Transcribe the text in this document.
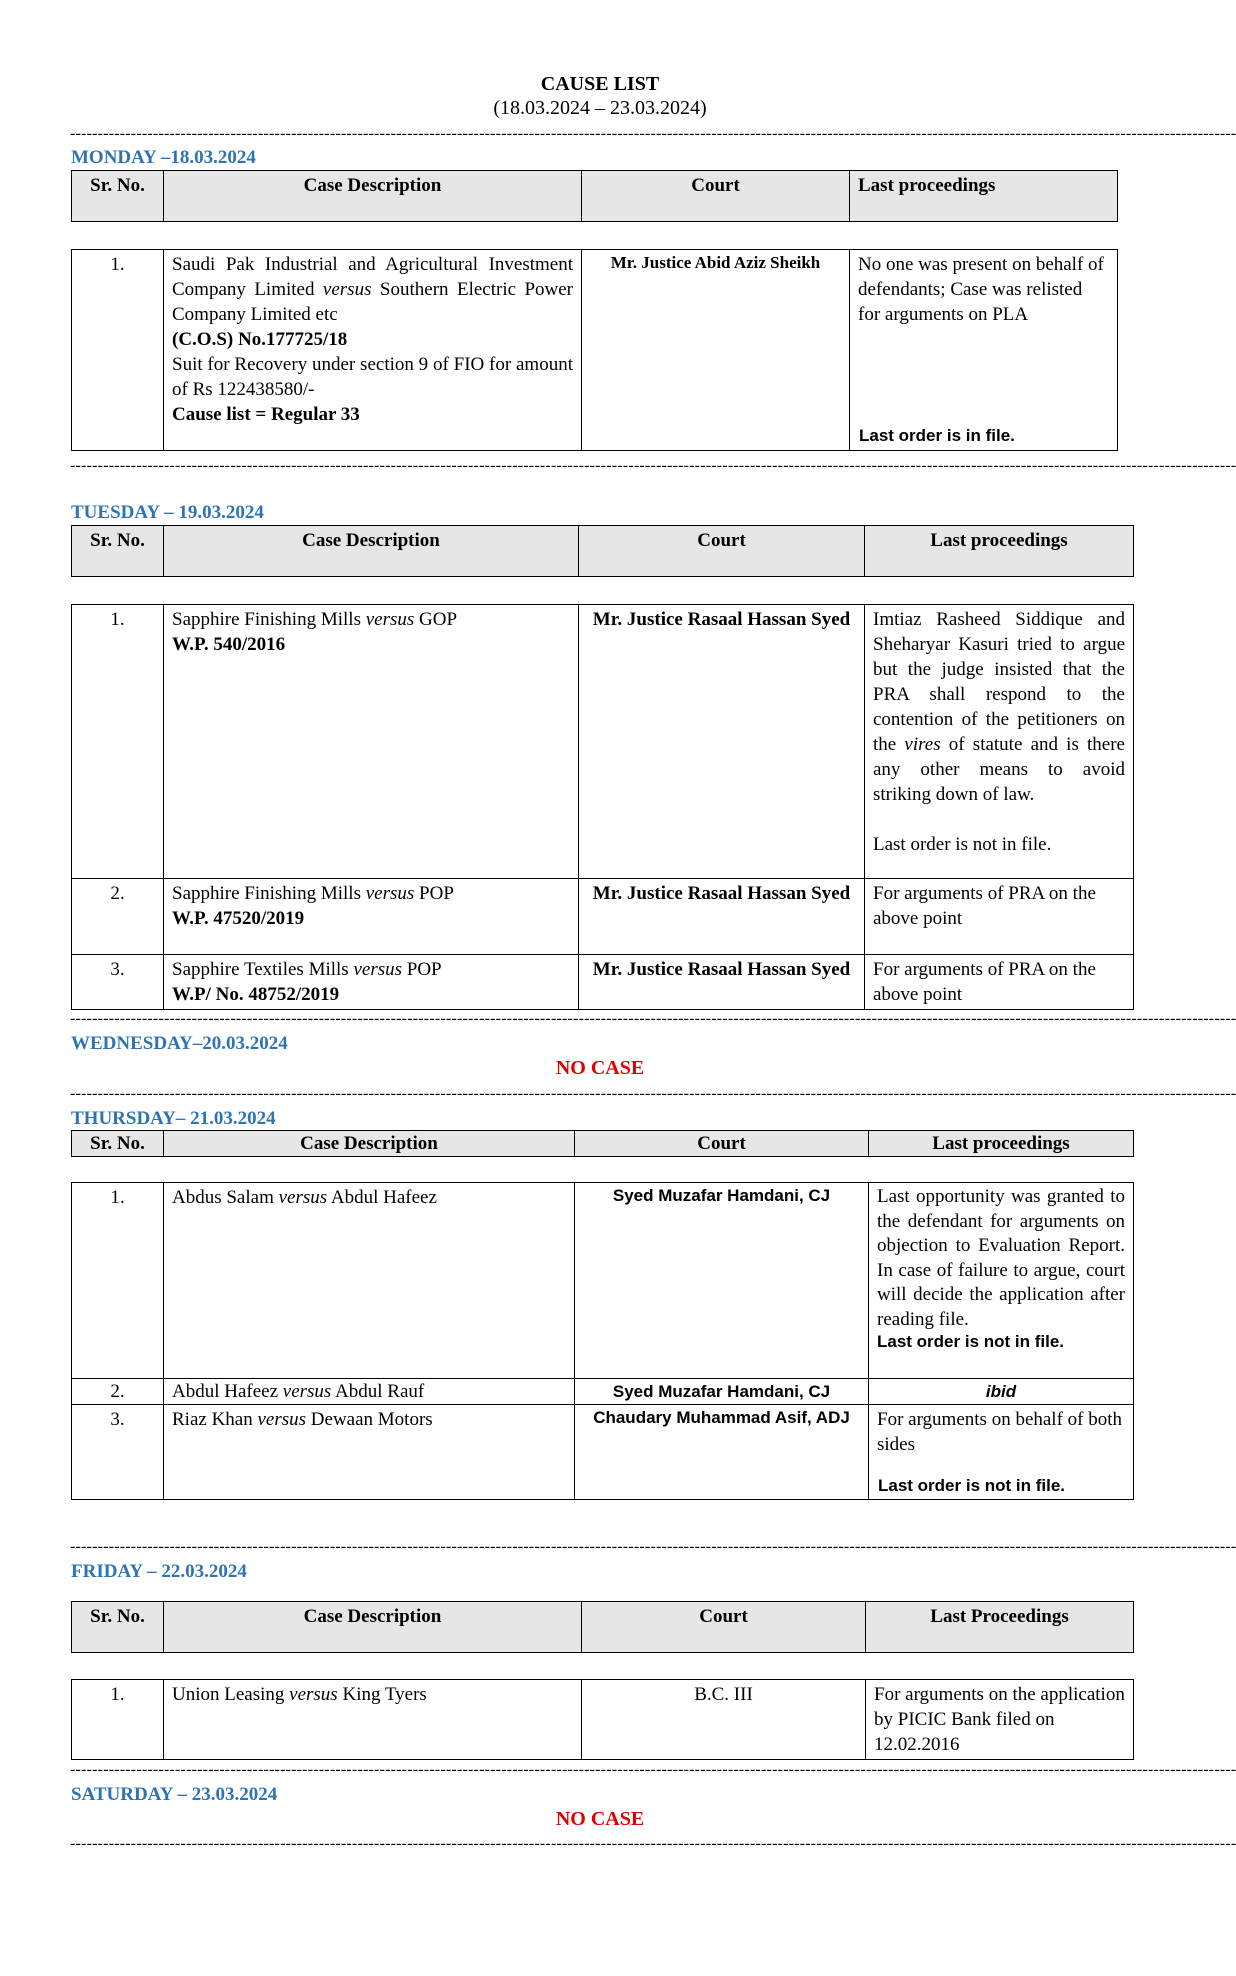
CAUSE LIST
(18.03.2024 – 23.03.2024)
-------------------------------------------------------------------------------------------------------------------------------------------------------------------------------------------------------------------
MONDAY –18.03.2024
Sr. No.	Case Description	Court	Last proceedings
1.	Saudi Pak Industrial and Agricultural Investment Company Limited versus Southern Electric Power Company Limited etc
(C.O.S) No.177725/18
Suit for Recovery under section 9 of FIO for amount of Rs 122438580/-
Cause list = Regular 33	Mr. Justice Abid Aziz Sheikh	No one was present on behalf of defendants; Case was relisted for arguments on PLA
Last order is in file.
-------------------------------------------------------------------------------------------------------------------------------------------------------------------------------------------------------------------
TUESDAY – 19.03.2024
Sr. No.	Case Description	Court	Last proceedings
1.	Sapphire Finishing Mills versus GOP
W.P. 540/2016	Mr. Justice Rasaal Hassan Syed	Imtiaz Rasheed Siddique and Sheharyar Kasuri tried to argue but the judge insisted that the PRA shall respond to the contention of the petitioners on the vires of statute and is there any other means to avoid striking down of law.

Last order is not in file.
2.	Sapphire Finishing Mills versus POP
W.P. 47520/2019	Mr. Justice Rasaal Hassan Syed	For arguments of PRA on the above point
3.	Sapphire Textiles Mills versus POP
W.P/ No. 48752/2019	Mr. Justice Rasaal Hassan Syed	For arguments of PRA on the above point
-------------------------------------------------------------------------------------------------------------------------------------------------------------------------------------------------------------------
WEDNESDAY–20.03.2024
NO CASE
-------------------------------------------------------------------------------------------------------------------------------------------------------------------------------------------------------------------
THURSDAY– 21.03.2024
Sr. No.	Case Description	Court	Last proceedings
1.	Abdus Salam versus Abdul Hafeez	Syed Muzafar Hamdani, CJ	Last opportunity was granted to the defendant for arguments on objection to Evaluation Report. In case of failure to argue, court will decide the application after reading file.
Last order is not in file.

2.	Abdul Hafeez versus Abdul Rauf	Syed Muzafar Hamdani, CJ	ibid
3.	Riaz Khan versus Dewaan Motors	Chaudary Muhammad Asif, ADJ	For arguments on behalf of both sides
Last order is not in file.
-------------------------------------------------------------------------------------------------------------------------------------------------------------------------------------------------------------------
FRIDAY – 22.03.2024
Sr. No.	Case Description	Court	Last Proceedings
1.	Union Leasing versus King Tyers	B.C. III	For arguments on the application by PICIC Bank filed on 12.02.2016
-------------------------------------------------------------------------------------------------------------------------------------------------------------------------------------------------------------------
SATURDAY – 23.03.2024
NO CASE
-------------------------------------------------------------------------------------------------------------------------------------------------------------------------------------------------------------------
